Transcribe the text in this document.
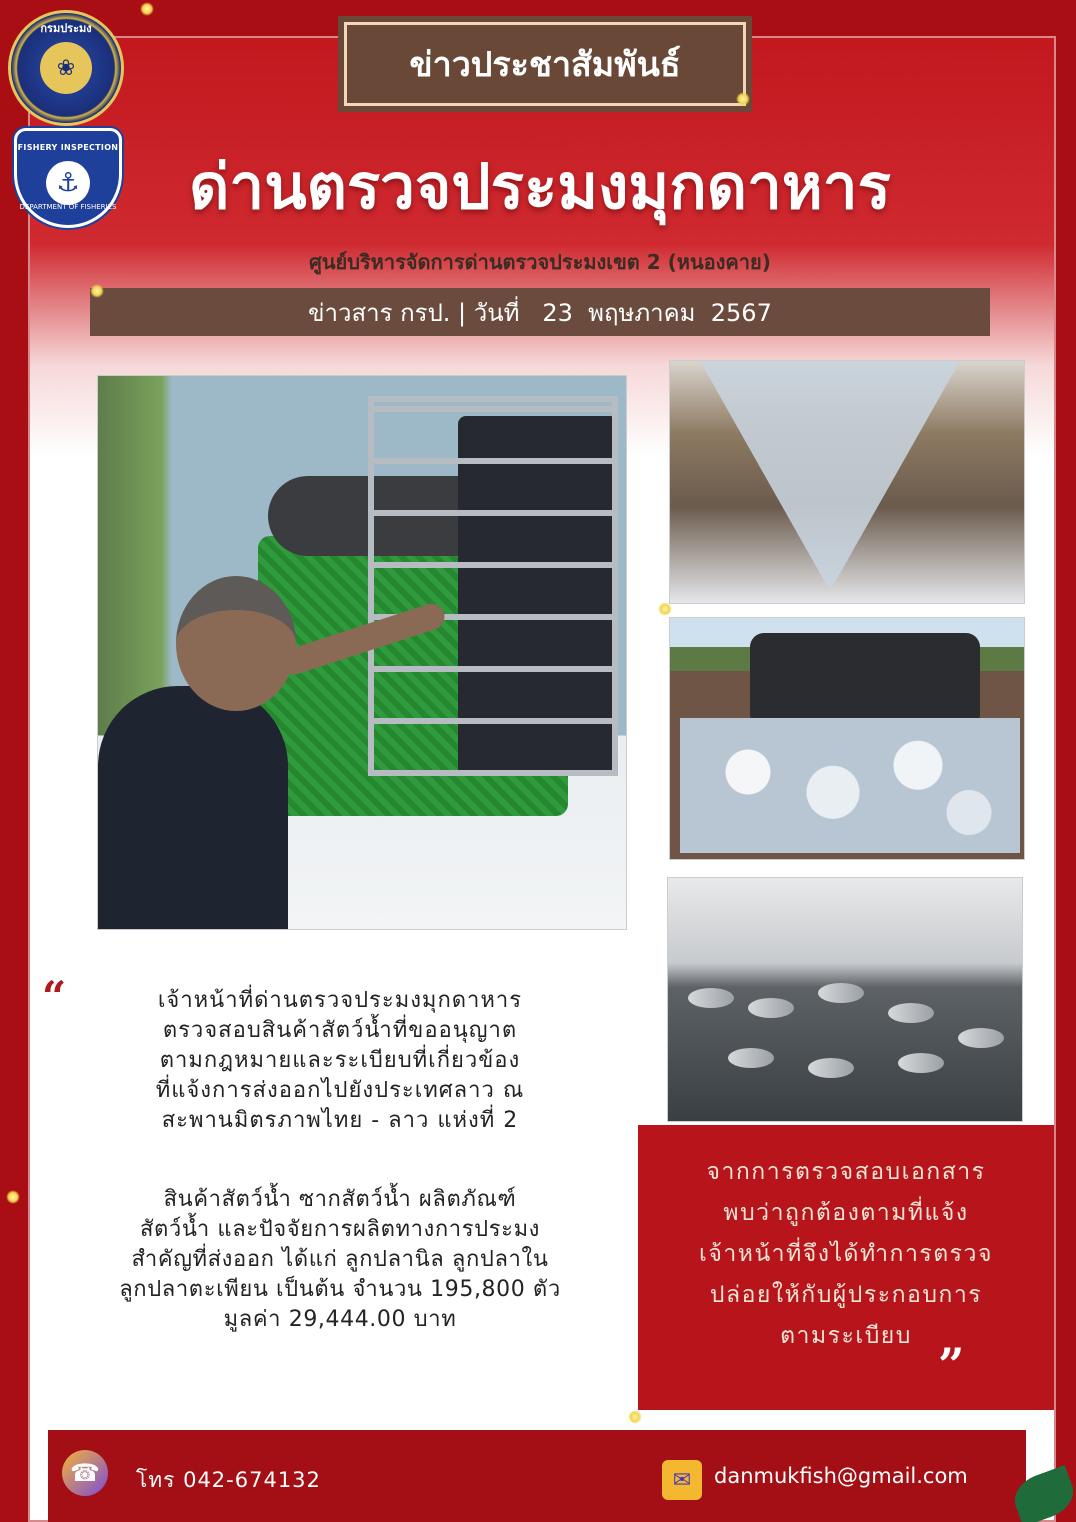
กรมประมง
❀
FISHERY INSPECTION
⚓
DEPARTMENT OF FISHERIES
ข่าวประชาสัมพันธ์
ด่านตรวจประมงมุกดาหาร
ศูนย์บริหารจัดการด่านตรวจประมงเขต 2 (หนองคาย)
ข่าวสาร กรป. | วันที่   23  พฤษภาคม  2567
“	เจ้าหน้าที่ด่านตรวจประมงมุกดาหาร
ตรวจสอบสินค้าสัตว์น้ำที่ขออนุญาต
ตามกฎหมายและระเบียบที่เกี่ยวข้อง
ที่แจ้งการส่งออกไปยังประเทศลาว ณ
สะพานมิตรภาพไทย - ลาว แห่งที่ 2
สินค้าสัตว์น้ำ ซากสัตว์น้ำ ผลิตภัณฑ์
สัตว์น้ำ และปัจจัยการผลิตทางการประมง
สำคัญที่ส่งออก ได้แก่ ลูกปลานิล ลูกปลาใน
ลูกปลาตะเพียน เป็นต้น จำนวน 195,800 ตัว
มูลค่า 29,444.00 บาท
จากการตรวจสอบเอกสาร
พบว่าถูกต้องตามที่แจ้ง
เจ้าหน้าที่จึงได้ทำการตรวจ
ปล่อยให้กับผู้ประกอบการ
ตามระเบียบ
”
☎	โทร 042-674132	✉	danmukfish@gmail.com
